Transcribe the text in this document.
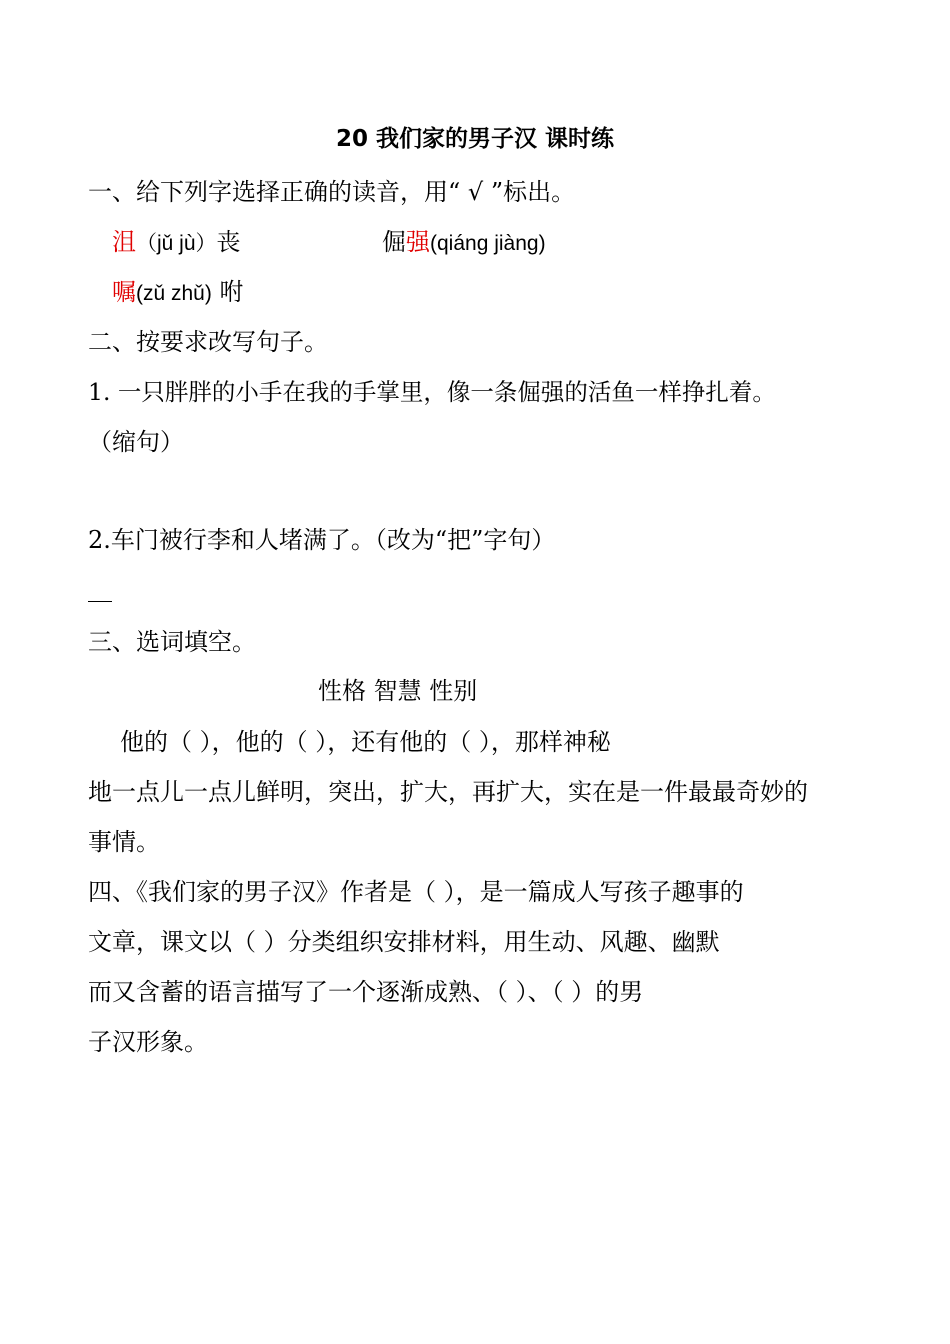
20 我们家的男子汉 课时练
一、给下列字选择正确的读音，用“ √ ”标出。
沮（jǔ jù）丧	倔强(qiáng jiàng)
嘱(zǔ zhǔ) 咐
二、按要求改写句子。
1. 一只胖胖的小手在我的手掌里，像一条倔强的活鱼一样挣扎着。
（缩句）
2.车门被行李和人堵满了。（改为“把”字句）
三、选词填空。
性格 智慧 性别
他的（ ），他的（ ），还有他的（ ），那样神秘
地一点儿一点儿鲜明，突出，扩大，再扩大，实在是一件最最奇妙的
事情。
四、《我们家的男子汉》作者是（ ），是一篇成人写孩子趣事的
文章，课文以（ ）分类组织安排材料，用生动、风趣、幽默
而又含蓄的语言描写了一个逐渐成熟、（ ）、（ ）的男
子汉形象。
